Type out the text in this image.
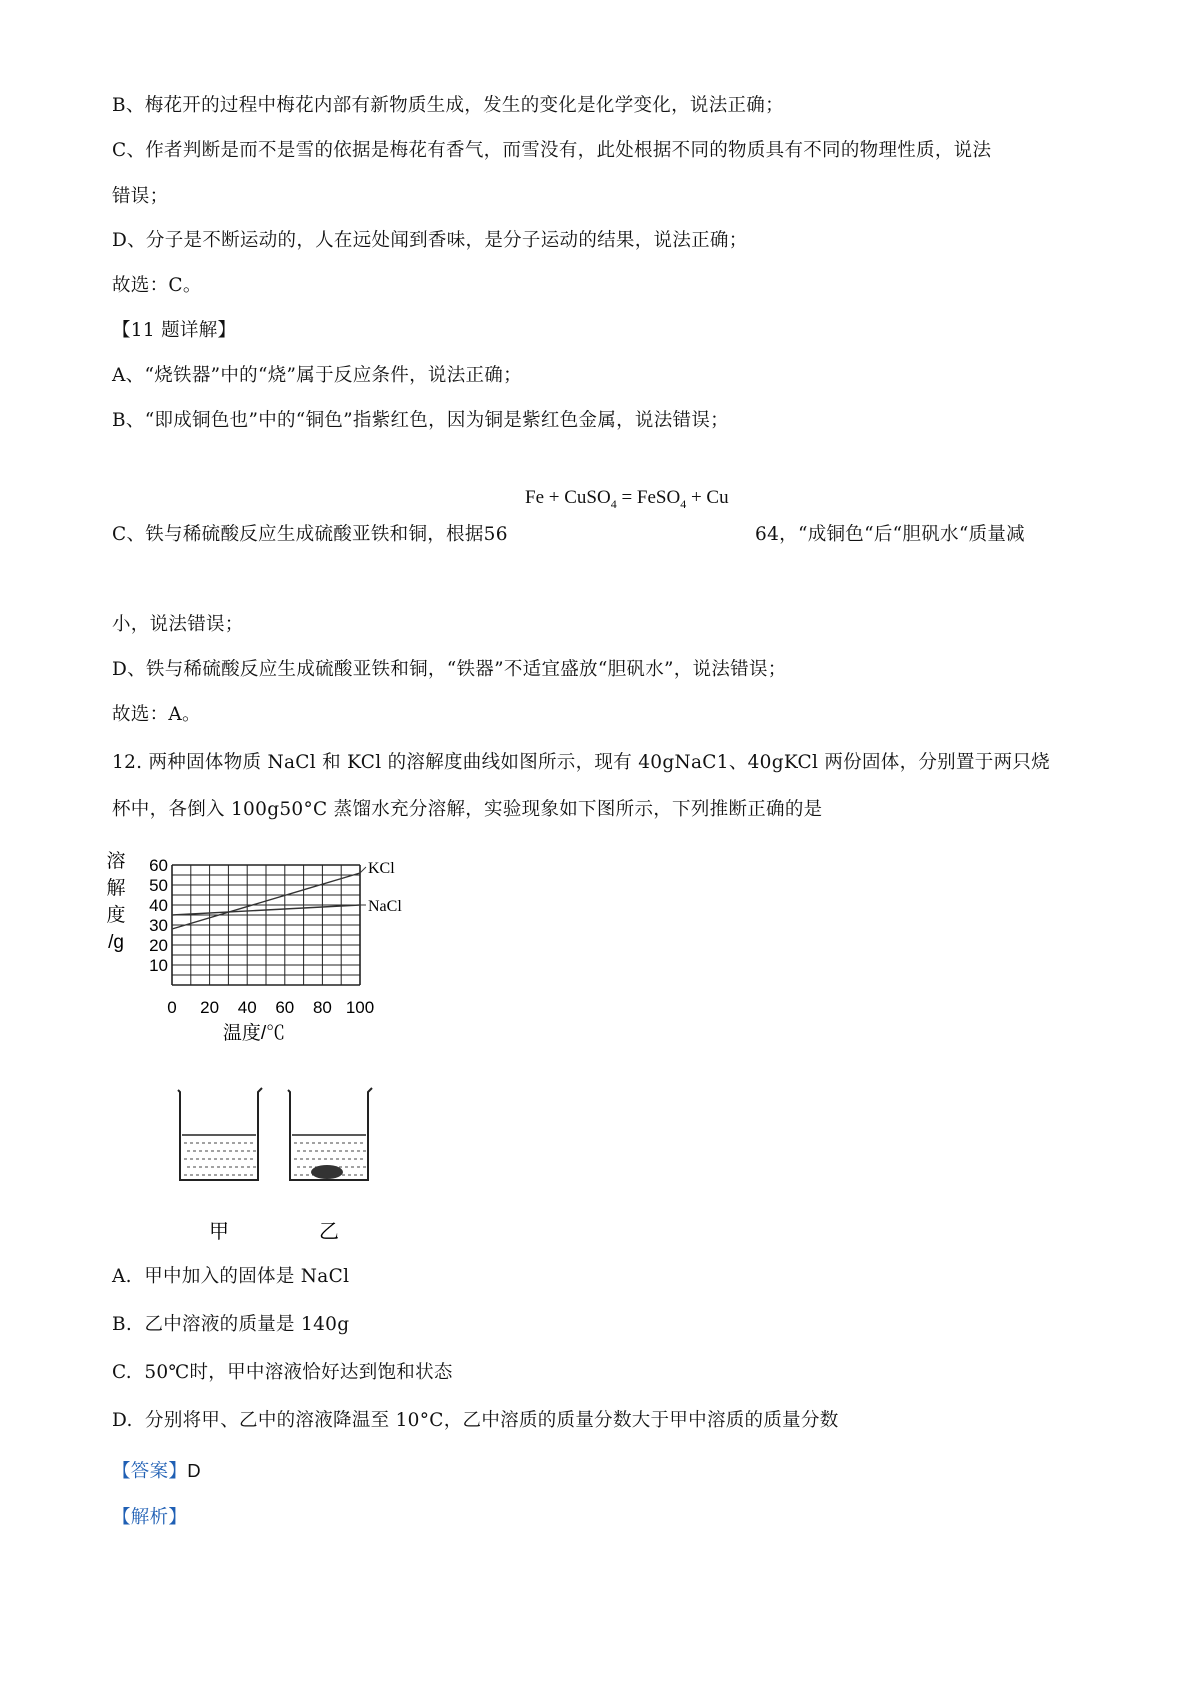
B、梅花开的过程中梅花内部有新物质生成，发生的变化是化学变化，说法正确；
C、作者判断是而不是雪的依据是梅花有香气，而雪没有，此处根据不同的物质具有不同的物理性质，说法
错误；
D、分子是不断运动的，人在远处闻到香味，是分子运动的结果，说法正确；
故选：C。
【11 题详解】
A、“烧铁器”中的“烧”属于反应条件，说法正确；
B、“即成铜色也”中的“铜色”指紫红色，因为铜是紫红色金属，说法错误；
Fe + CuSO$_4$ = FeSO$_4$ + Cu
C、铁与稀硫酸反应生成硫酸亚铁和铜，根据56	64，“成铜色“后“胆矾水“质量减
小，说法错误；
D、铁与稀硫酸反应生成硫酸亚铁和铜，“铁器”不适宜盛放“胆矾水”，说法错误；
故选：A。
12. 两种固体物质 NaCl 和 KCl 的溶解度曲线如图所示，现有 40gNaC1、40gKCl 两份固体，分别置于两只烧
杯中，各倒入 100g50°C 蒸馏水充分溶解，实验现象如下图所示，下列推断正确的是
60
50
40
30
20
10
0 20 40 60 80 100
KCl
NaCl
溶
解
度
/g
温度/℃
甲	乙
A. 甲中加入的固体是 NaCl
B. 乙中溶液的质量是 140g
C. 50℃时，甲中溶液恰好达到饱和状态
D. 分别将甲、乙中的溶液降温至 10°C，乙中溶质的质量分数大于甲中溶质的质量分数
【答案】D
【解析】
